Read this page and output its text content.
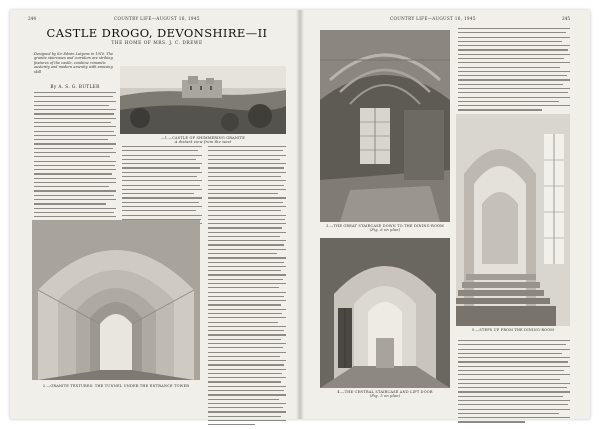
244	COUNTRY LIFE—AUGUST 16, 1945
CASTLE DROGO, DEVONSHIRE—II
THE HOME OF MRS. J. C. DREWE
Designed by Sir Edwin Lutyens in 1910. The granite staircases and corridors are striking features of the castle, combine romantic austerity and modern amenity with amusing skill
By A. S. G. BUTLER
—1.—CASTLE OF SHIMMERING GRANITE
A distant view from the west
2.—GRANITE TEXTURES: THE TUNNEL UNDER THE ENTRANCE TOWER
COUNTRY LIFE—AUGUST 16, 1945	245
3.—THE GREAT STAIRCASE DOWN TO THE DINING-ROOM
(Fig. 6 on plan)
4.—THE CENTRAL STAIRCASE AND LIFT DOOR
(Fig. 5 on plan)
5.—STEPS UP FROM THE DINING-ROOM
